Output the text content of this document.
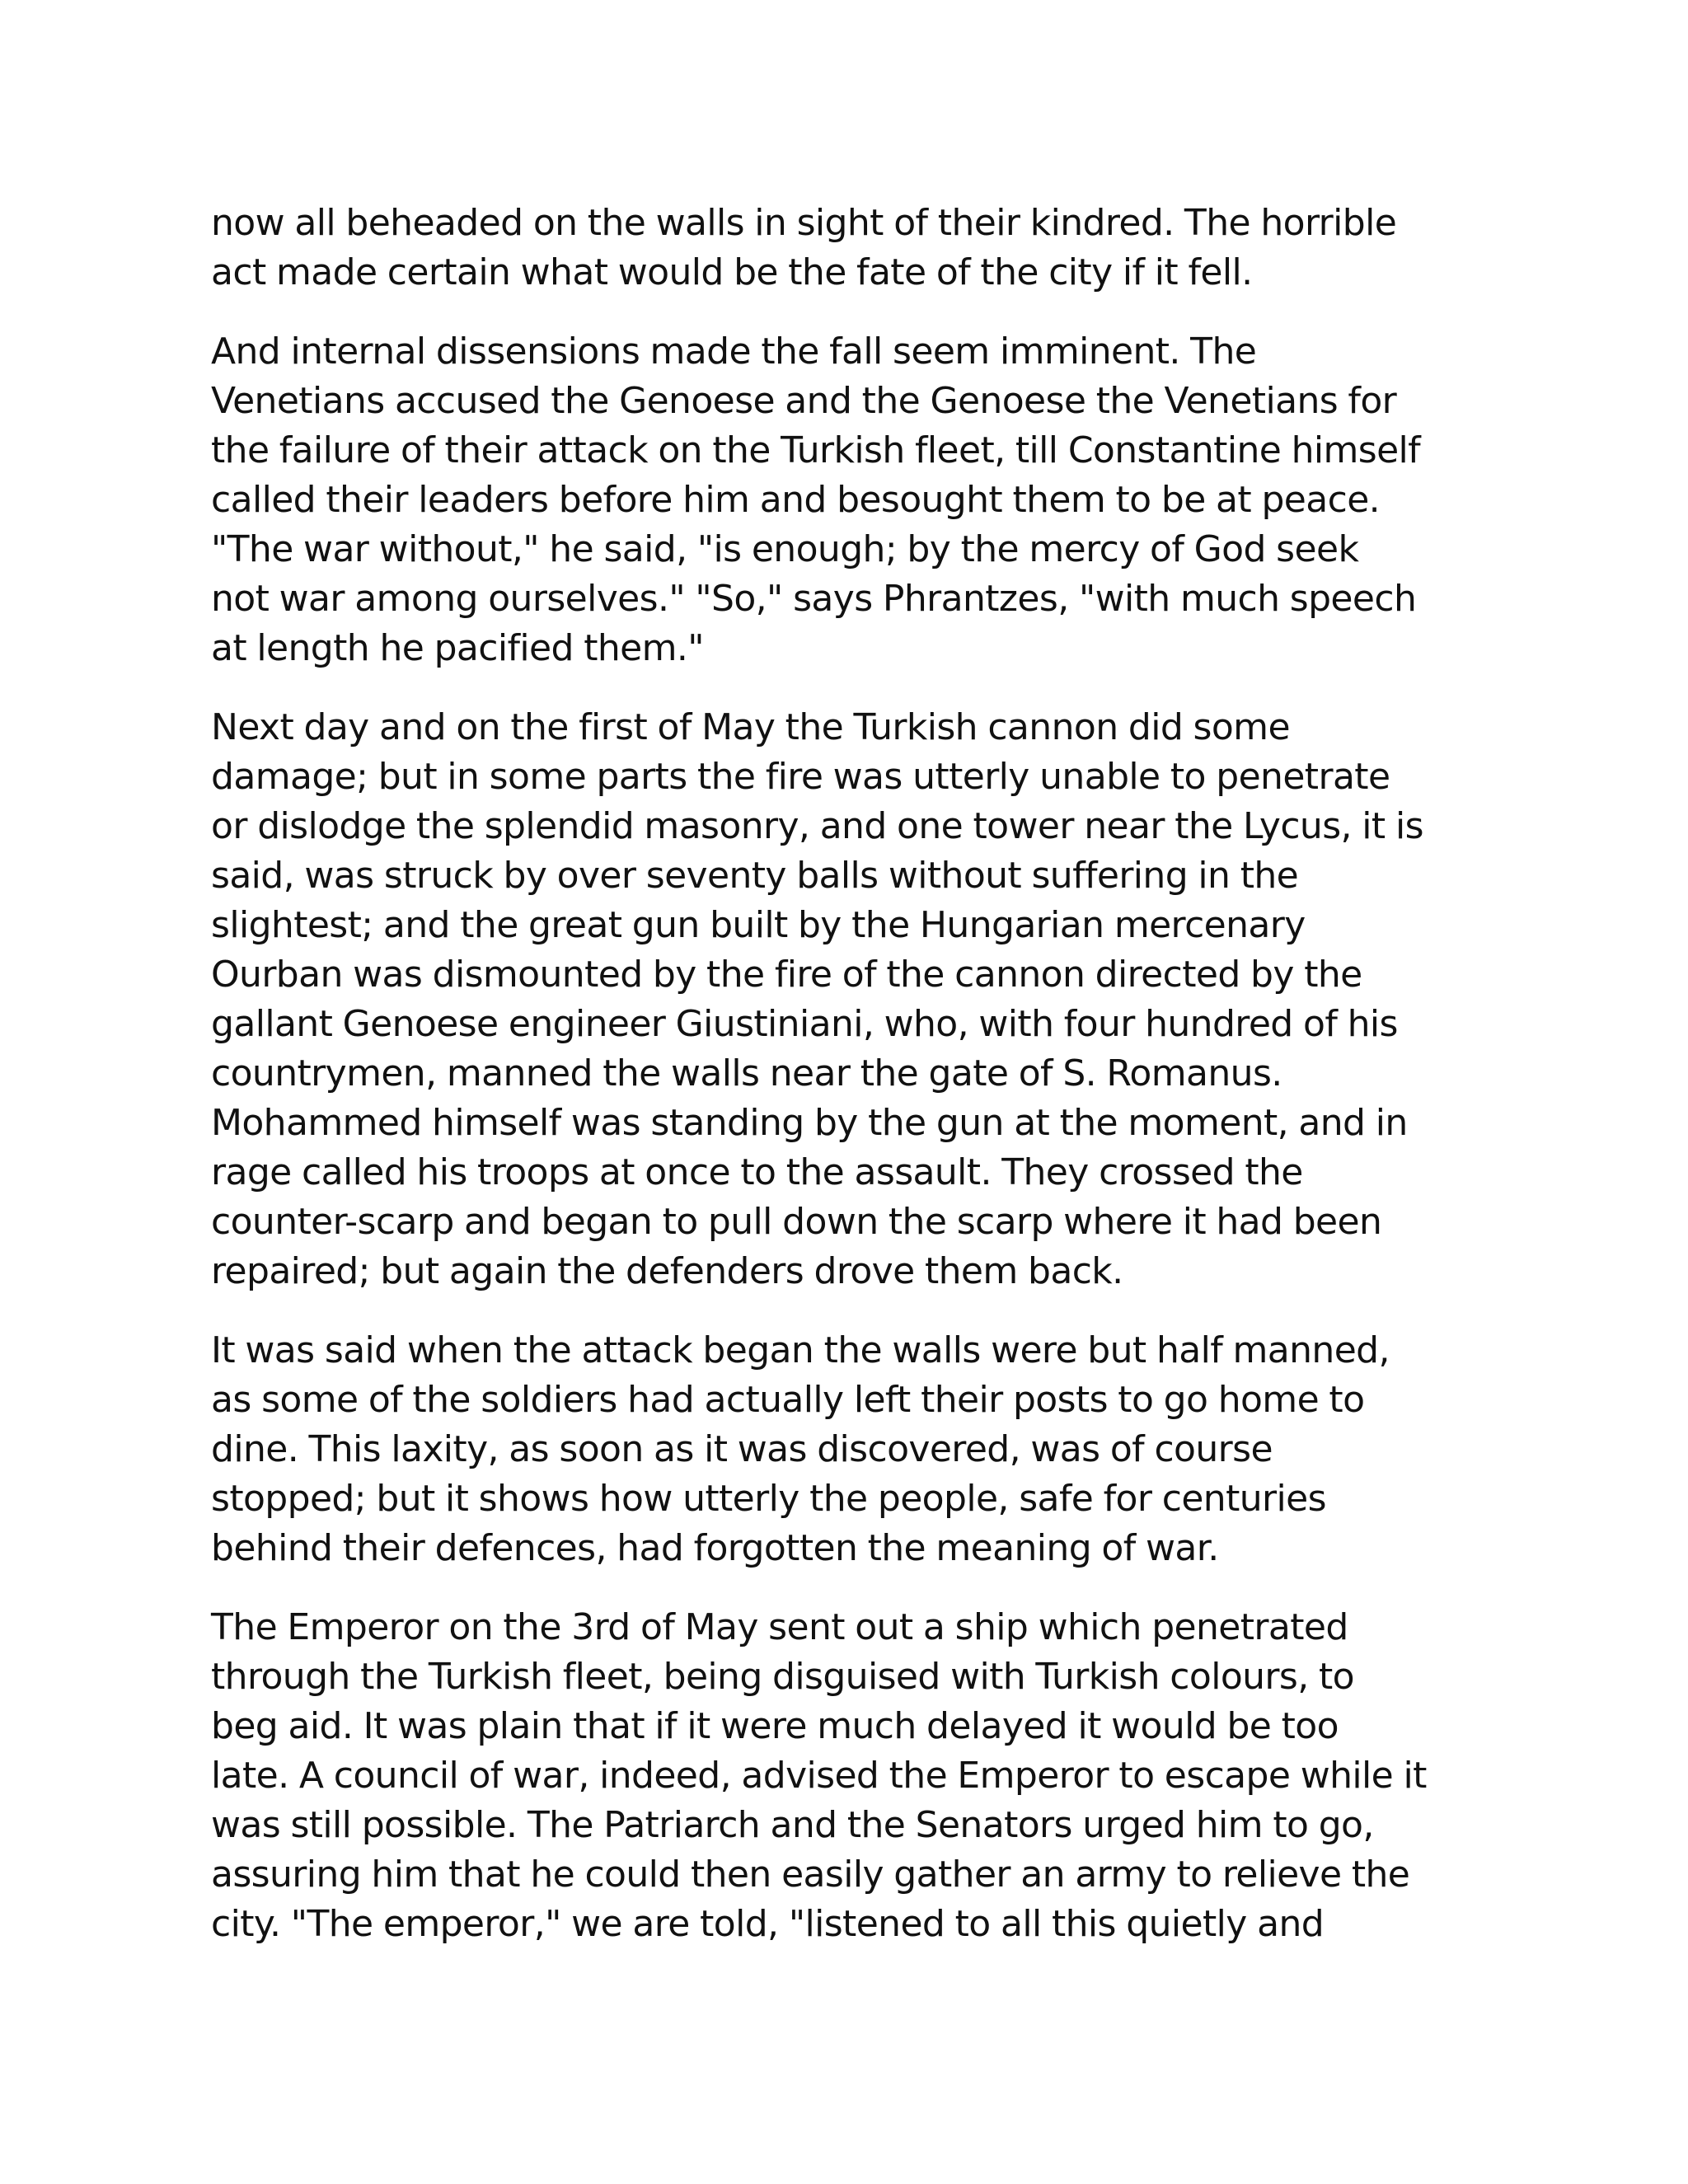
now all beheaded on the walls in sight of their kindred. The horrible
act made certain what would be the fate of the city if it fell.
And internal dissensions made the fall seem imminent. The
Venetians accused the Genoese and the Genoese the Venetians for
the failure of their attack on the Turkish fleet, till Constantine himself
called their leaders before him and besought them to be at peace.
"The war without," he said, "is enough; by the mercy of God seek
not war among ourselves." "So," says Phrantzes, "with much speech
at length he pacified them."
Next day and on the first of May the Turkish cannon did some
damage; but in some parts the fire was utterly unable to penetrate
or dislodge the splendid masonry, and one tower near the Lycus, it is
said, was struck by over seventy balls without suffering in the
slightest; and the great gun built by the Hungarian mercenary
Ourban was dismounted by the fire of the cannon directed by the
gallant Genoese engineer Giustiniani, who, with four hundred of his
countrymen, manned the walls near the gate of S. Romanus.
Mohammed himself was standing by the gun at the moment, and in
rage called his troops at once to the assault. They crossed the
counter-scarp and began to pull down the scarp where it had been
repaired; but again the defenders drove them back.
It was said when the attack began the walls were but half manned,
as some of the soldiers had actually left their posts to go home to
dine. This laxity, as soon as it was discovered, was of course
stopped; but it shows how utterly the people, safe for centuries
behind their defences, had forgotten the meaning of war.
The Emperor on the 3rd of May sent out a ship which penetrated
through the Turkish fleet, being disguised with Turkish colours, to
beg aid. It was plain that if it were much delayed it would be too
late. A council of war, indeed, advised the Emperor to escape while it
was still possible. The Patriarch and the Senators urged him to go,
assuring him that he could then easily gather an army to relieve the
city. "The emperor," we are told, "listened to all this quietly and
